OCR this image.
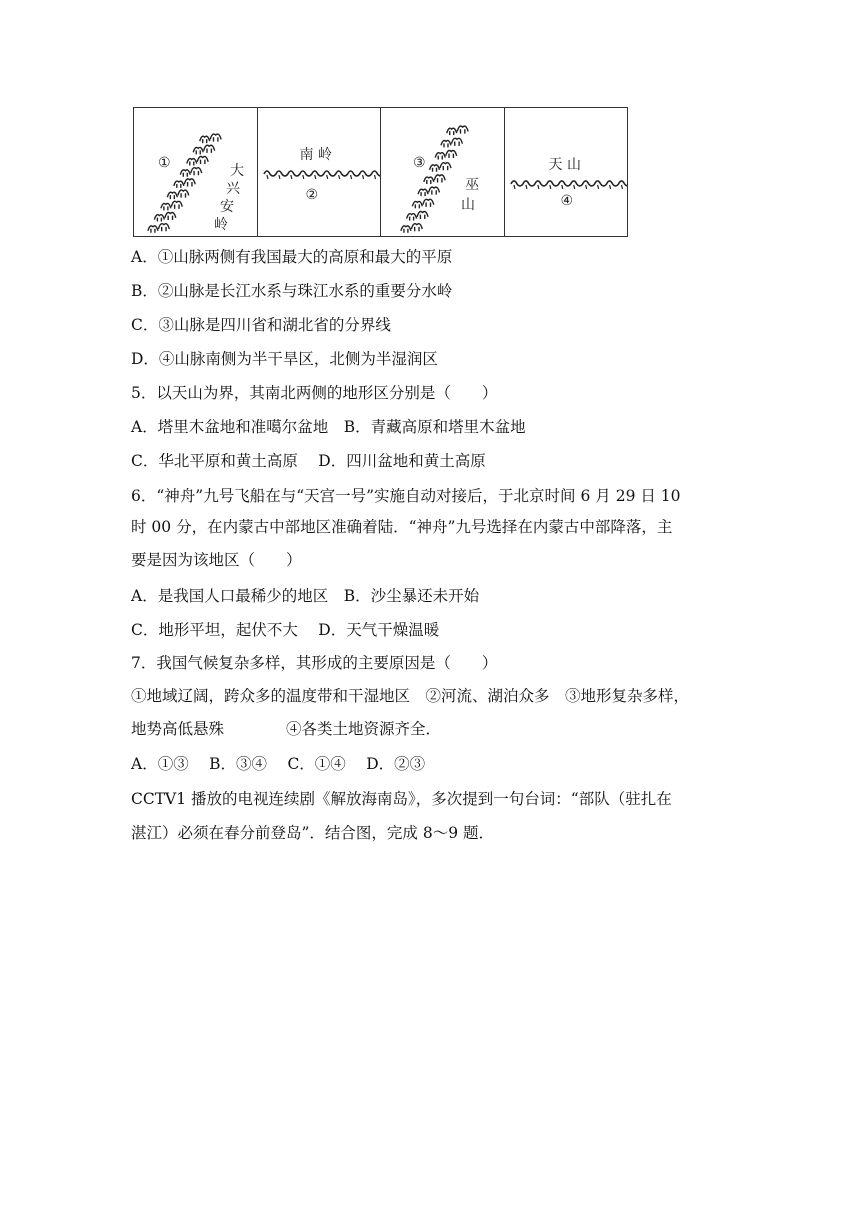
①	大
兴
安
岭
南 岭
②
③
巫
山
天 山
④
A．①山脉两侧有我国最大的高原和最大的平原
B．②山脉是长江水系与珠江水系的重要分水岭
C．③山脉是四川省和湖北省的分界线
D．④山脉南侧为半干旱区，北侧为半湿润区
5．以天山为界，其南北两侧的地形区分别是（　　）
A．塔里木盆地和准噶尔盆地　B．青藏高原和塔里木盆地
C．华北平原和黄土高原　 D．四川盆地和黄土高原
6．“神舟”九号飞船在与“天宫一号”实施自动对接后，于北京时间 6 月 29 日 10
时 00 分，在内蒙古中部地区准确着陆．“神舟”九号选择在内蒙古中部降落，主
要是因为该地区（　　）
A．是我国人口最稀少的地区　B．沙尘暴还未开始
C．地形平坦，起伏不大　 D．天气干燥温暖
7．我国气候复杂多样，其形成的主要原因是（　　）
①地域辽阔，跨众多的温度带和干湿地区　②河流、湖泊众多　③地形复杂多样，
地势高低悬殊　　　　④各类土地资源齐全．
A．①③　 B．③④　 C．①④　 D．②③
CCTV1 播放的电视连续剧《解放海南岛》，多次提到一句台词：“部队（驻扎在
湛江）必须在春分前登岛”．结合图，完成 8～9 题．
